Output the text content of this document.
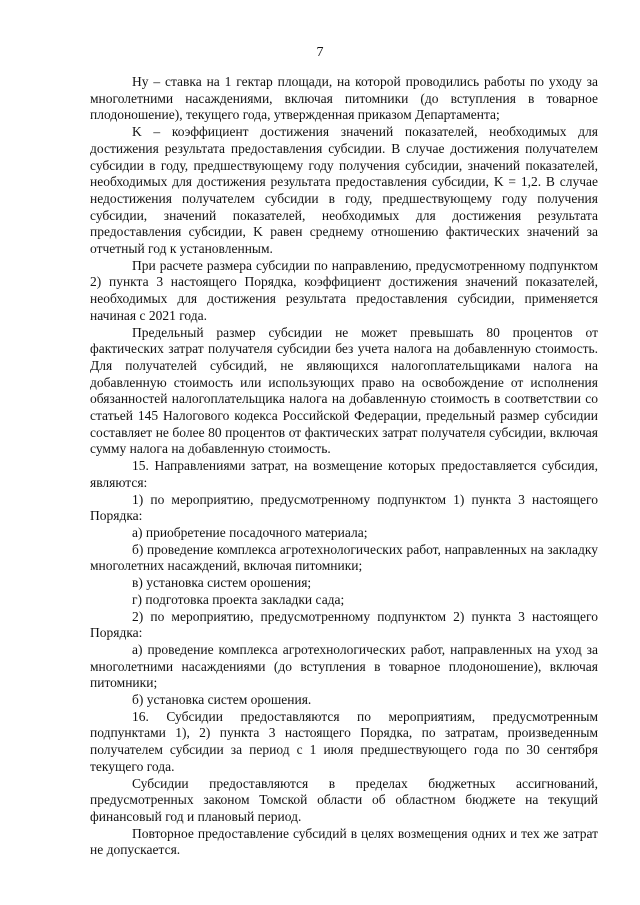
7

Hу – ставка на 1 гектар площади, на которой проводились работы по уходу за многолетними насаждениями, включая питомники (до вступления в товарное плодоношение), текущего года, утвержденная приказом Департамента;

K – коэффициент достижения значений показателей, необходимых для достижения результата предоставления субсидии. В случае достижения получателем субсидии в году, предшествующему году получения субсидии, значений показателей, необходимых для достижения результата предоставления субсидии, K = 1,2. В случае недостижения получателем субсидии в году, предшествующему году получения субсидии, значений показателей, необходимых для достижения результата предоставления субсидии, K равен среднему отношению фактических значений за отчетный год к установленным.

При расчете размера субсидии по направлению, предусмотренному подпунктом 2) пункта 3 настоящего Порядка, коэффициент достижения значений показателей, необходимых для достижения результата предоставления субсидии, применяется начиная с 2021 года.

Предельный размер субсидии не может превышать 80 процентов от фактических затрат получателя субсидии без учета налога на добавленную стоимость. Для получателей субсидий, не являющихся налогоплательщиками налога на добавленную стоимость или использующих право на освобождение от исполнения обязанностей налогоплательщика налога на добавленную стоимость в соответствии со статьей 145 Налогового кодекса Российской Федерации, предельный размер субсидии составляет не более 80 процентов от фактических затрат получателя субсидии, включая сумму налога на добавленную стоимость.

15. Направлениями затрат, на возмещение которых предоставляется субсидия, являются:

1) по мероприятию, предусмотренному подпунктом 1) пункта 3 настоящего Порядка:

а) приобретение посадочного материала;

б) проведение комплекса агротехнологических работ, направленных на закладку многолетних насаждений, включая питомники;

в) установка систем орошения;

г) подготовка проекта закладки сада;

2) по мероприятию, предусмотренному подпунктом 2) пункта 3 настоящего Порядка:

а) проведение комплекса агротехнологических работ, направленных на уход за многолетними насаждениями (до вступления в товарное плодоношение), включая питомники;

б) установка систем орошения.

16. Субсидии предоставляются по мероприятиям, предусмотренным подпунктами 1), 2) пункта 3 настоящего Порядка, по затратам, произведенным получателем субсидии за период с 1 июля предшествующего года по 30 сентября текущего года.

Субсидии предоставляются в пределах бюджетных ассигнований, предусмотренных законом Томской области об областном бюджете на текущий финансовый год и плановый период.

Повторное предоставление субсидий в целях возмещения одних и тех же затрат не допускается.
